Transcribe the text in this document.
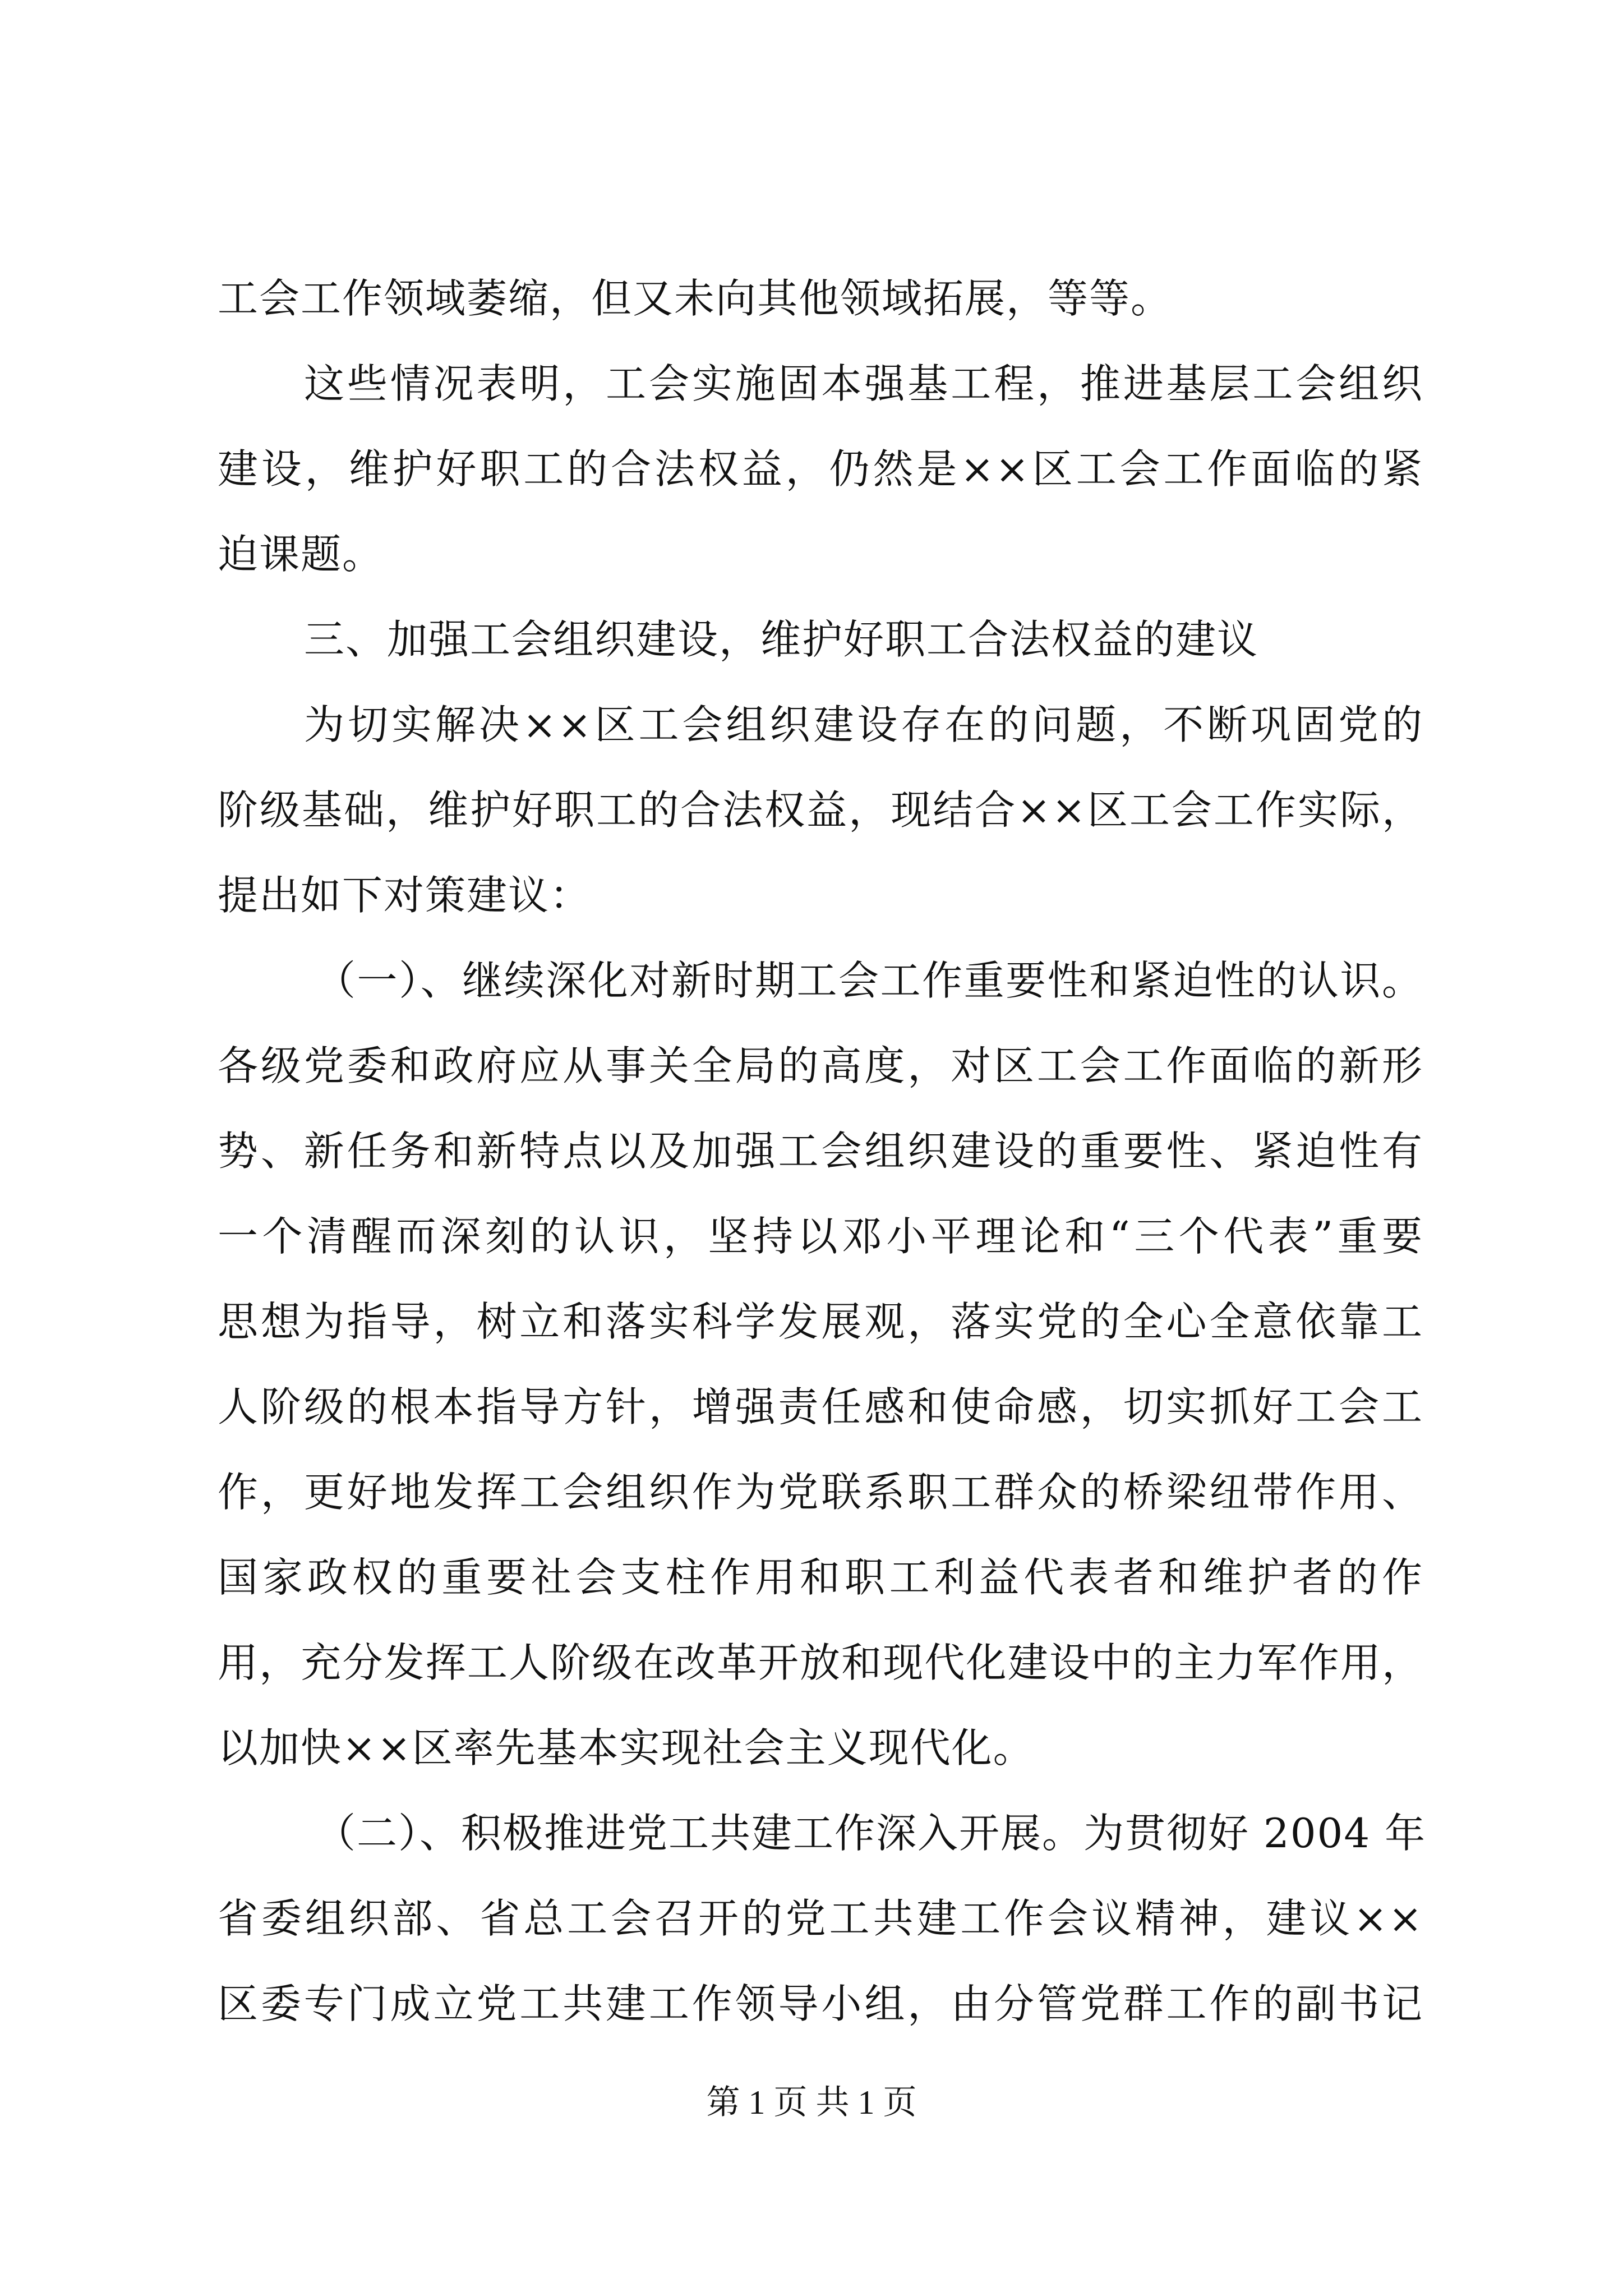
工会工作领域萎缩，但又未向其他领域拓展，等等。
这些情况表明，工会实施固本强基工程，推进基层工会组织
建设，维护好职工的合法权益，仍然是××区工会工作面临的紧
迫课题。
三、加强工会组织建设，维护好职工合法权益的建议
为切实解决××区工会组织建设存在的问题，不断巩固党的
阶级基础，维护好职工的合法权益，现结合××区工会工作实际，
提出如下对策建议：
（一）、继续深化对新时期工会工作重要性和紧迫性的认识。
各级党委和政府应从事关全局的高度，对区工会工作面临的新形
势、新任务和新特点以及加强工会组织建设的重要性、紧迫性有
一个清醒而深刻的认识，坚持以邓小平理论和“三个代表”重要
思想为指导，树立和落实科学发展观，落实党的全心全意依靠工
人阶级的根本指导方针，增强责任感和使命感，切实抓好工会工
作，更好地发挥工会组织作为党联系职工群众的桥梁纽带作用、
国家政权的重要社会支柱作用和职工利益代表者和维护者的作
用，充分发挥工人阶级在改革开放和现代化建设中的主力军作用，
以加快××区率先基本实现社会主义现代化。
（二）、积极推进党工共建工作深入开展。为贯彻好 2004 年
省委组织部、省总工会召开的党工共建工作会议精神，建议××
区委专门成立党工共建工作领导小组，由分管党群工作的副书记
第 1 页 共 1 页
